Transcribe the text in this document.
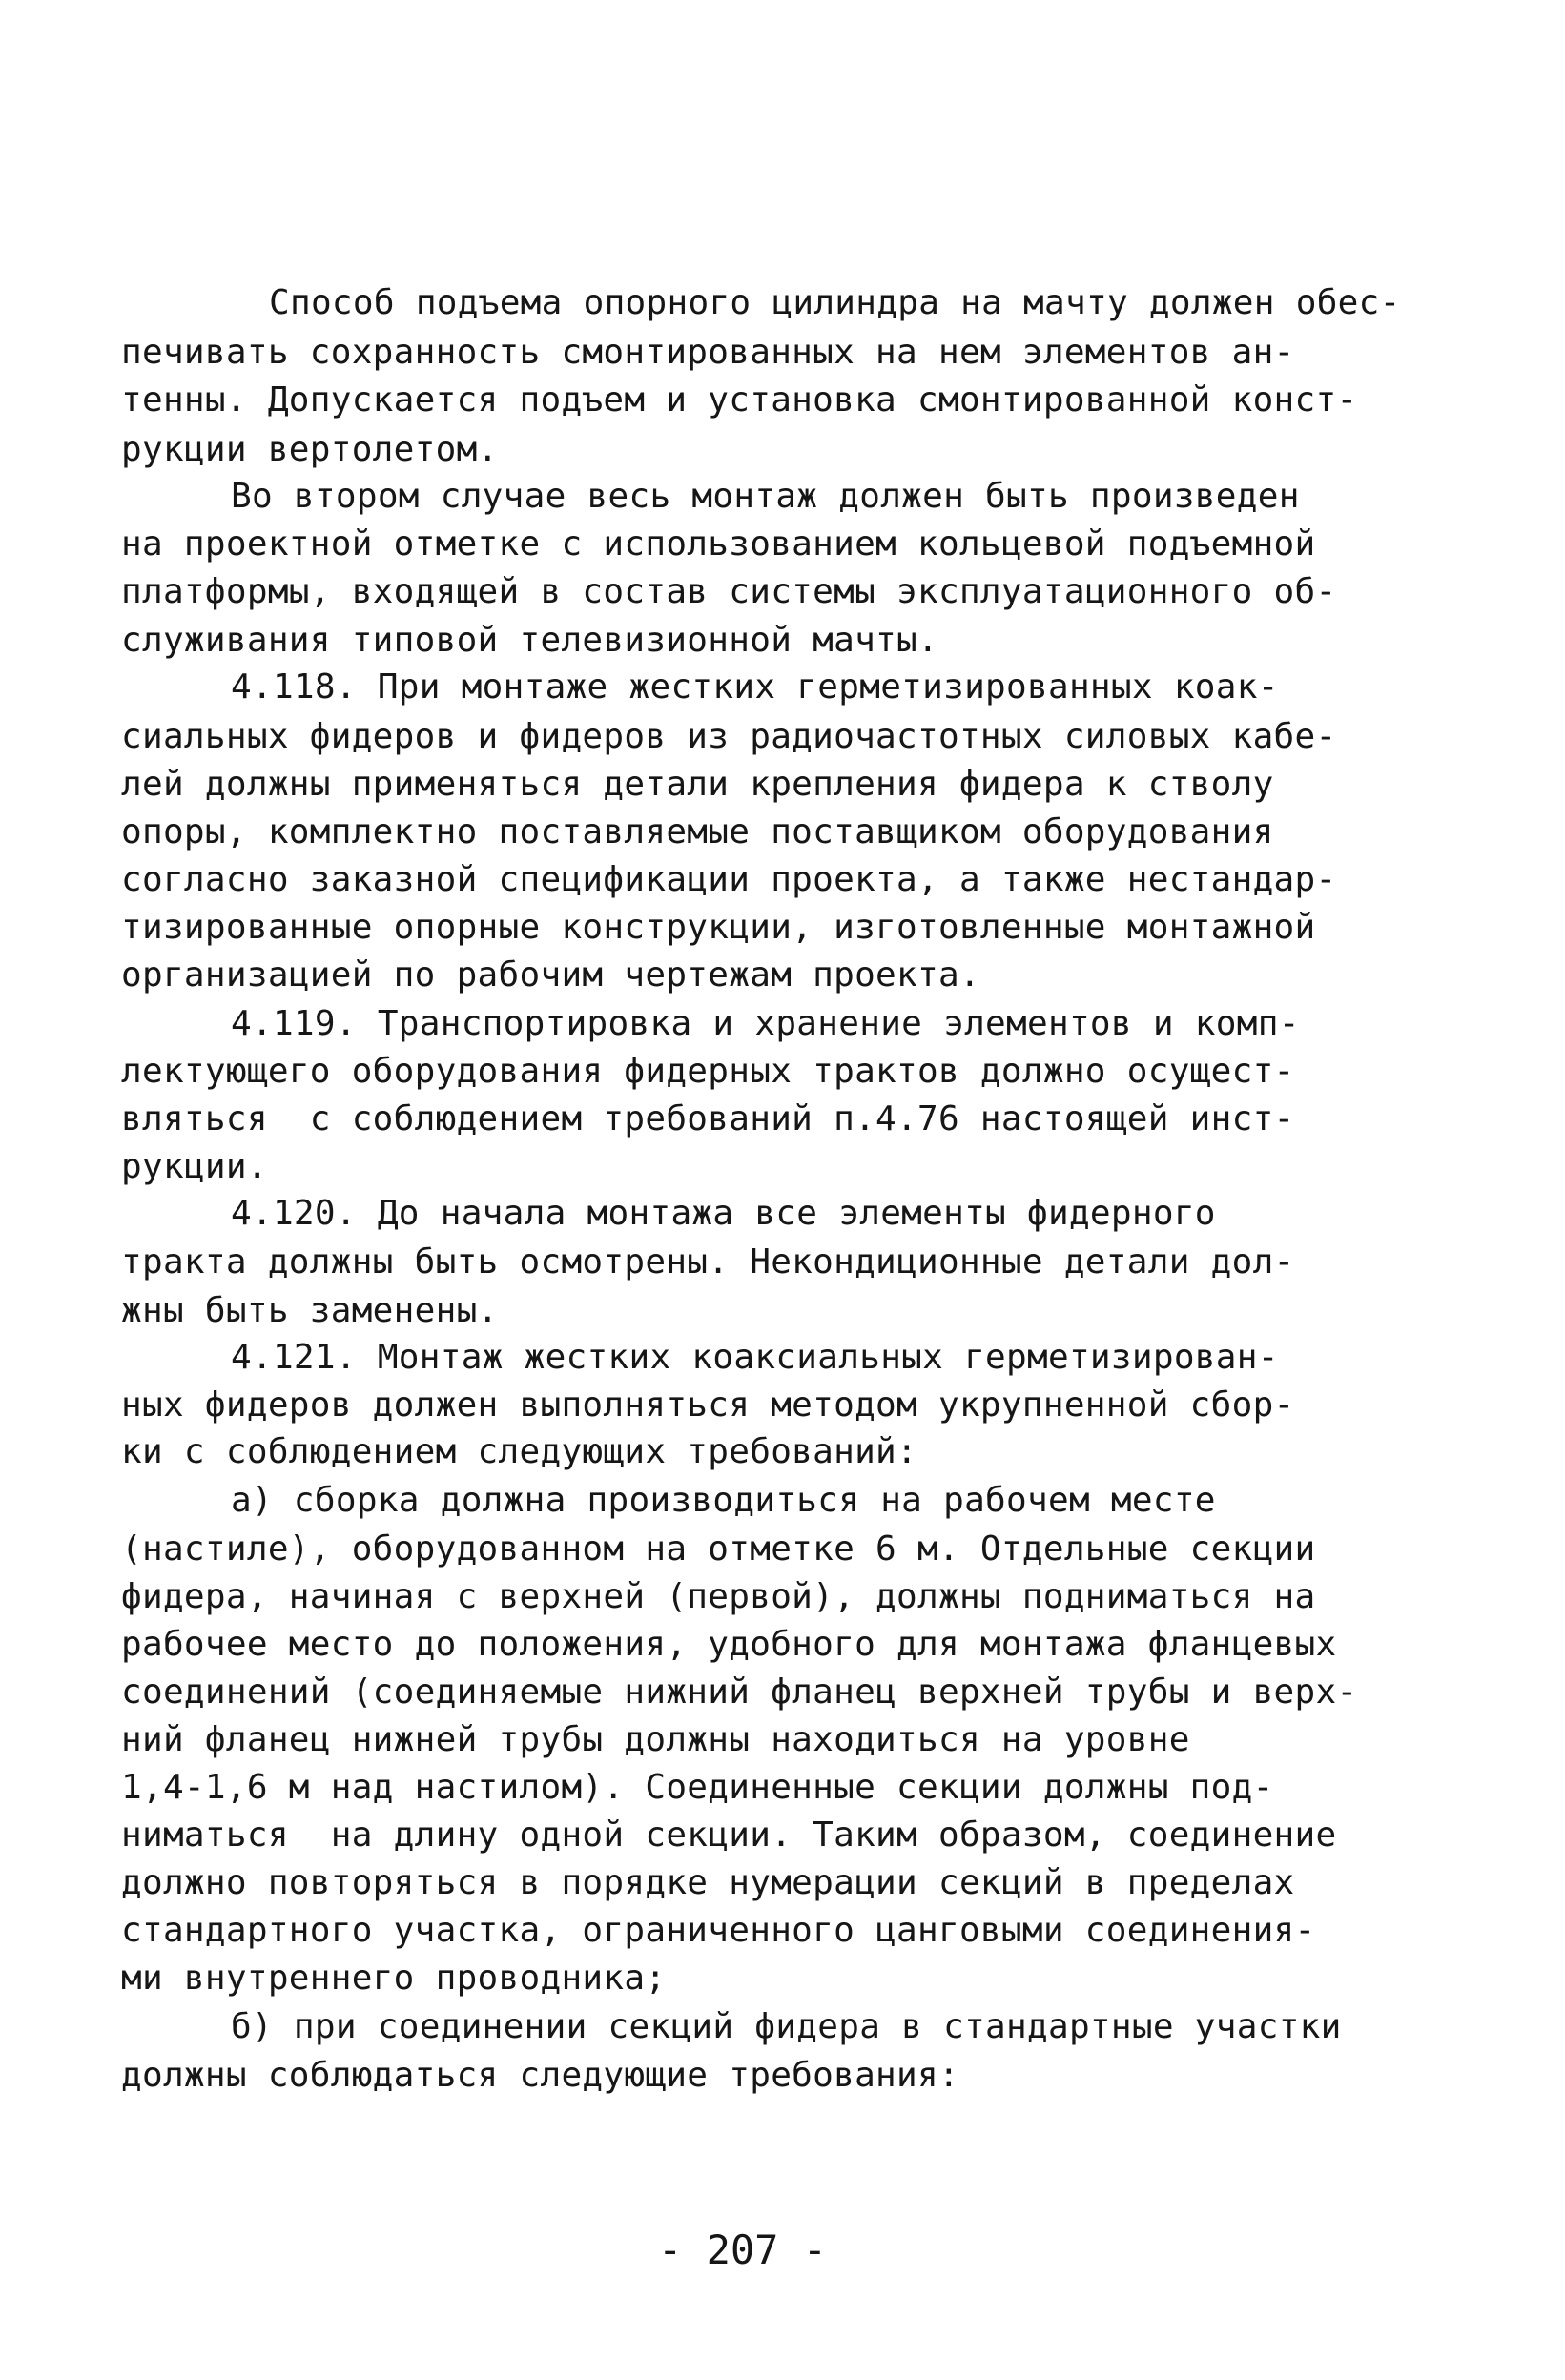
Способ подъема опорного цилиндра на мачту должен обес-

печивать сохранность смонтированных на нем элементов ан-

тенны. Допускается подъем и установка смонтированной конст-

рукции вертолетом.

Во втором случае весь монтаж должен быть произведен

на проектной отметке с использованием кольцевой подъемной

платформы, входящей в состав системы эксплуатационного об-

служивания типовой телевизионной мачты.

4.118. При монтаже жестких герметизированных коак-

сиальных фидеров и фидеров из радиочастотных силовых кабе-

лей должны применяться детали крепления фидера к стволу

опоры, комплектно поставляемые поставщиком оборудования

согласно заказной спецификации проекта, а также нестандар-

тизированные опорные конструкции, изготовленные монтажной

организацией по рабочим чертежам проекта.

4.119. Транспортировка и хранение элементов и комп-

лектующего оборудования фидерных трактов должно осущест-

вляться  с соблюдением требований п.4.76 настоящей инст-

рукции.

4.120. До начала монтажа все элементы фидерного

тракта должны быть осмотрены. Некондиционные детали дол-

жны быть заменены.

4.121. Монтаж жестких коаксиальных герметизирован-

ных фидеров должен выполняться методом укрупненной сбор-

ки с соблюдением следующих требований:

а) сборка должна производиться на рабочем месте

(настиле), оборудованном на отметке 6 м. Отдельные секции

фидера, начиная с верхней (первой), должны подниматься на

рабочее место до положения, удобного для монтажа фланцевых

соединений (соединяемые нижний фланец верхней трубы и верх-

ний фланец нижней трубы должны находиться на уровне

1,4-1,6 м над настилом). Соединенные секции должны под-

ниматься  на длину одной секции. Таким образом, соединение

должно повторяться в порядке нумерации секций в пределах

стандартного участка, ограниченного цанговыми соединения-

ми внутреннего проводника;

б) при соединении секций фидера в стандартные участки

должны соблюдаться следующие требования:

- 207 -
